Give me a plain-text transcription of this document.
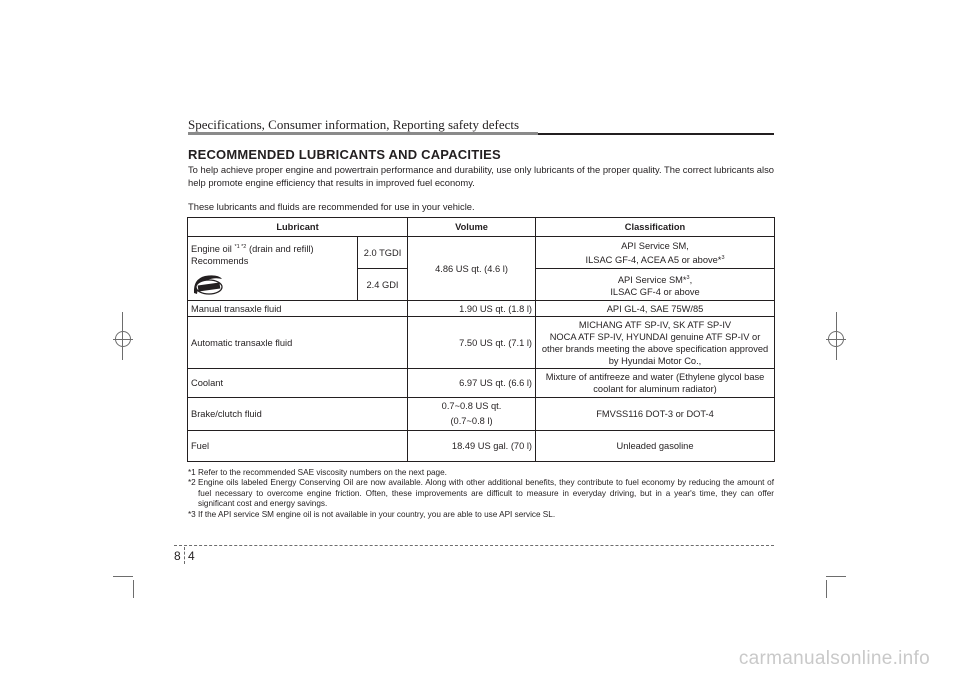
Specifications, Consumer information, Reporting safety defects
RECOMMENDED LUBRICANTS AND CAPACITIES
To help achieve proper engine and powertrain performance and durability, use only lubricants of the proper quality. The correct lubricants also help promote engine efficiency that results in improved fuel economy.
These lubricants and fluids are recommended for use in your vehicle.
Lubricant		Volume	Classification
Engine oil $^{*1 *2}$ (drain and refill)
Recommends	2.0 TGDI	4.86 US qt. (4.6 l)	API Service SM,
ILSAC GF-4, ACEA A5 or above*$^3$
	2.4 GDI		API Service SM*$^3$,
ILSAC GF-4 or above
Manual transaxle fluid		1.90 US qt. (1.8 l)	API GL-4, SAE 75W/85
Automatic transaxle fluid		7.50 US qt. (7.1 l)	MICHANG ATF SP-IV, SK ATF SP-IV
NOCA ATF SP-IV, HYUNDAI genuine ATF SP-IV or other brands meeting the above specification approved by Hyundai Motor Co.,
Coolant		6.97 US qt. (6.6 l)	Mixture of antifreeze and water (Ethylene glycol base coolant for aluminum radiator)
Brake/clutch fluid		0.7~0.8 US qt.
(0.7~0.8 l)	FMVSS116 DOT-3 or DOT-4
Fuel		18.49 US gal. (70 l)	Unleaded gasoline
*1 Refer to the recommended SAE viscosity numbers on the next page.
*2 Engine oils labeled Energy Conserving Oil are now available. Along with other additional benefits, they contribute to fuel economy by reducing the amount of fuel necessary to overcome engine friction. Often, these improvements are difficult to measure in everyday driving, but in a year's time, they can offer significant cost and energy savings.
*3 If the API service SM engine oil is not available in your country, you are able to use API service SL.
8 4
carmanualsonline.info
